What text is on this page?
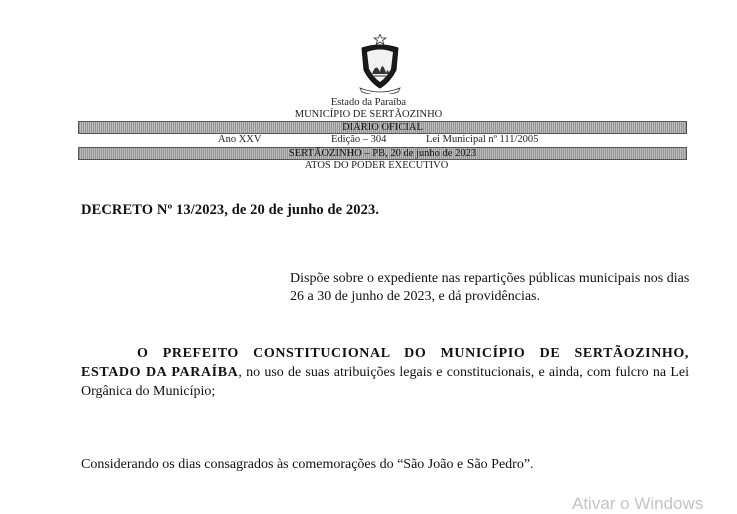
Estado da Paraíba
MUNICÍPIO DE SERTÃOZINHO
DIÁRIO OFICIAL
Ano XXV	Edição – 304	Lei Municipal nº 111/2005
SERTÃOZINHO – PB, 20 de junho de 2023
ATOS DO PODER EXECUTIVO
DECRETO Nº 13/2023, de 20 de junho de 2023.
Dispõe sobre o expediente nas repartições públicas municipais nos dias 26 a 30 de junho de 2023, e dá providências.
O PREFEITO CONSTITUCIONAL DO MUNICÍPIO DE SERTÃOZINHO, ESTADO DA PARAÍBA, no uso de suas atribuições legais e constitucionais, e ainda, com fulcro na Lei Orgânica do Município;
Considerando os dias consagrados às comemorações do “São João e São Pedro”.
Ativar o Windows
